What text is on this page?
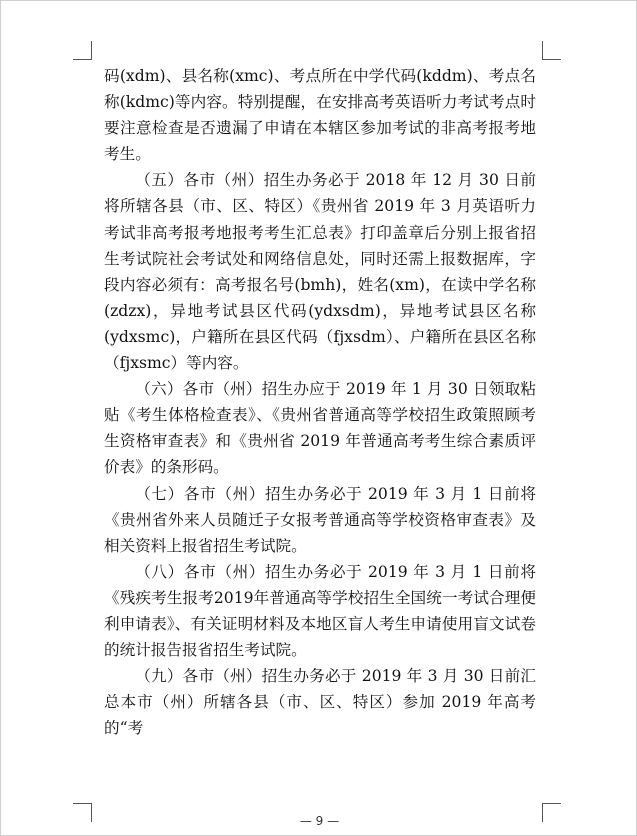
码(xdm)、县名称(xmc)、考点所在中学代码(kddm)、考点名称(kdmc)等内容。特别提醒，在安排高考英语听力考试考点时要注意检查是否遗漏了申请在本辖区参加考试的非高考报考地考生。

（五）各市（州）招生办务必于 2018 年 12 月 30 日前将所辖各县（市、区、特区）《贵州省 2019 年 3 月英语听力考试非高考报考地报考考生汇总表》打印盖章后分别上报省招生考试院社会考试处和网络信息处，同时还需上报数据库，字段内容必须有：高考报名号(bmh)，姓名(xm)，在读中学名称(zdzx)，异地考试县区代码(ydxsdm)，异地考试县区名称(ydxsmc)，户籍所在县区代码（fjxsdm）、户籍所在县区名称（fjxsmc）等内容。

（六）各市（州）招生办应于 2019 年 1 月 30 日领取粘贴《考生体格检查表》、《贵州省普通高等学校招生政策照顾考生资格审查表》和《贵州省 2019 年普通高考考生综合素质评价表》的条形码。

（七）各市（州）招生办务必于 2019 年 3 月 1 日前将《贵州省外来人员随迁子女报考普通高等学校资格审查表》及相关资料上报省招生考试院。

（八）各市（州）招生办务必于 2019 年 3 月 1 日前将《残疾考生报考2019年普通高等学校招生全国统一考试合理便利申请表》、有关证明材料及本地区盲人考生申请使用盲文试卷的统计报告报省招生考试院。

（九）各市（州）招生办务必于 2019 年 3 月 30 日前汇总本市（州）所辖各县（市、区、特区）参加 2019 年高考的“考

— 9 —
